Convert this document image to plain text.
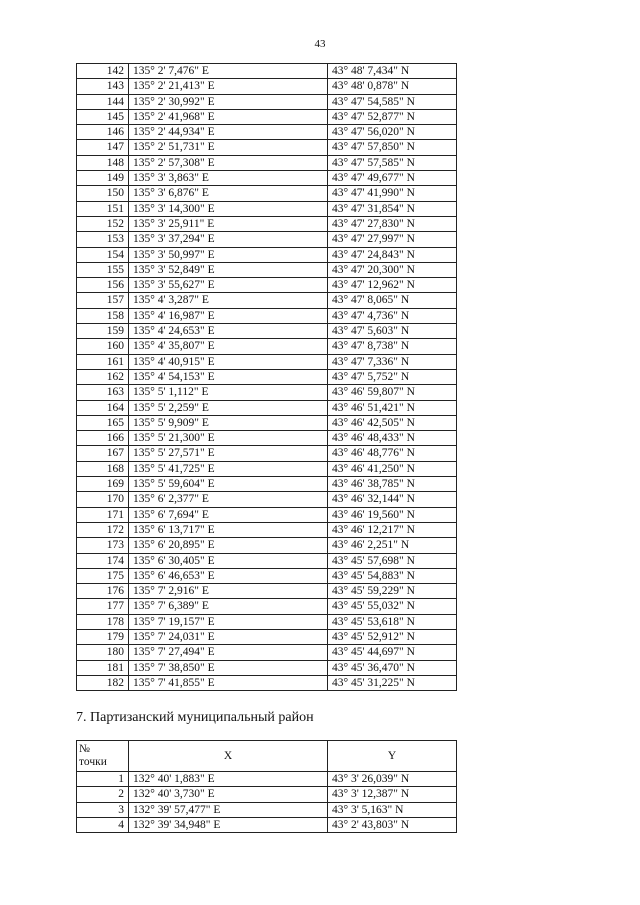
43
142	135° 2' 7,476" E	43° 48' 7,434" N
143	135° 2' 21,413" E	43° 48' 0,878" N
144	135° 2' 30,992" E	43° 47' 54,585" N
145	135° 2' 41,968" E	43° 47' 52,877" N
146	135° 2' 44,934" E	43° 47' 56,020" N
147	135° 2' 51,731" E	43° 47' 57,850" N
148	135° 2' 57,308" E	43° 47' 57,585" N
149	135° 3' 3,863" E	43° 47' 49,677" N
150	135° 3' 6,876" E	43° 47' 41,990" N
151	135° 3' 14,300" E	43° 47' 31,854" N
152	135° 3' 25,911" E	43° 47' 27,830" N
153	135° 3' 37,294" E	43° 47' 27,997" N
154	135° 3' 50,997" E	43° 47' 24,843" N
155	135° 3' 52,849" E	43° 47' 20,300" N
156	135° 3' 55,627" E	43° 47' 12,962" N
157	135° 4' 3,287" E	43° 47' 8,065" N
158	135° 4' 16,987" E	43° 47' 4,736" N
159	135° 4' 24,653" E	43° 47' 5,603" N
160	135° 4' 35,807" E	43° 47' 8,738" N
161	135° 4' 40,915" E	43° 47' 7,336" N
162	135° 4' 54,153" E	43° 47' 5,752" N
163	135° 5' 1,112" E	43° 46' 59,807" N
164	135° 5' 2,259" E	43° 46' 51,421" N
165	135° 5' 9,909" E	43° 46' 42,505" N
166	135° 5' 21,300" E	43° 46' 48,433" N
167	135° 5' 27,571" E	43° 46' 48,776" N
168	135° 5' 41,725" E	43° 46' 41,250" N
169	135° 5' 59,604" E	43° 46' 38,785" N
170	135° 6' 2,377" E	43° 46' 32,144" N
171	135° 6' 7,694" E	43° 46' 19,560" N
172	135° 6' 13,717" E	43° 46' 12,217" N
173	135° 6' 20,895" E	43° 46' 2,251" N
174	135° 6' 30,405" E	43° 45' 57,698" N
175	135° 6' 46,653" E	43° 45' 54,883" N
176	135° 7' 2,916" E	43° 45' 59,229" N
177	135° 7' 6,389" E	43° 45' 55,032" N
178	135° 7' 19,157" E	43° 45' 53,618" N
179	135° 7' 24,031" E	43° 45' 52,912" N
180	135° 7' 27,494" E	43° 45' 44,697" N
181	135° 7' 38,850" E	43° 45' 36,470" N
182	135° 7' 41,855" E	43° 45' 31,225" N
7. Партизанский муниципальный район
№
точки	X	Y
1	132° 40' 1,883" E	43° 3' 26,039" N
2	132° 40' 3,730" E	43° 3' 12,387" N
3	132° 39' 57,477" E	43° 3' 5,163" N
4	132° 39' 34,948" E	43° 2' 43,803" N
